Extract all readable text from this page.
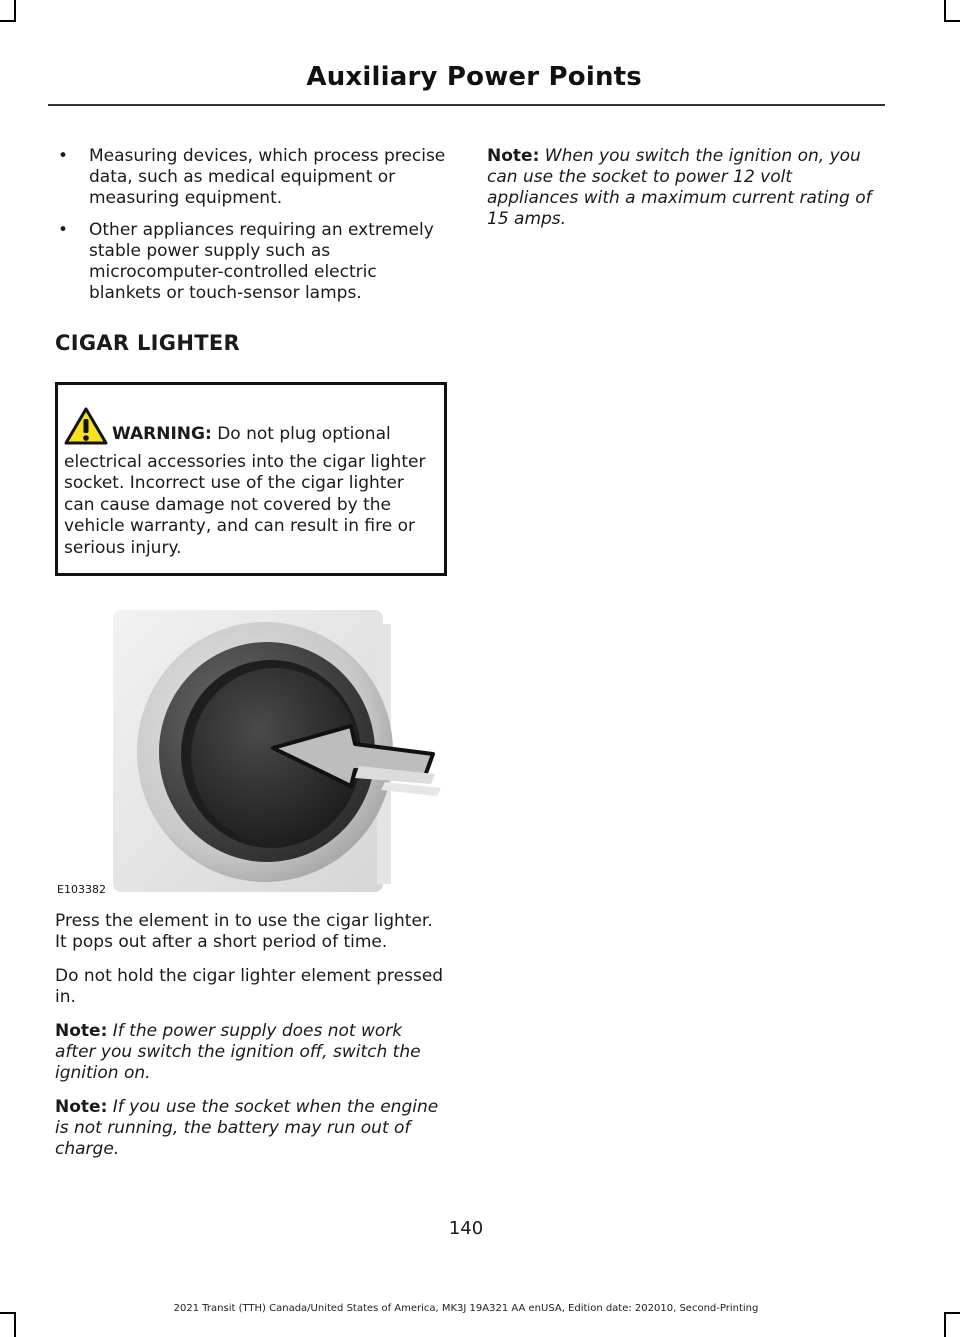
Auxiliary Power Points
• Measuring devices, which process precise data, such as medical equipment or measuring equipment.
• Other appliances requiring an extremely stable power supply such as microcomputer-controlled electric blankets or touch-sensor lamps.
CIGAR LIGHTER
WARNING: Do not plug optional electrical accessories into the cigar lighter socket. Incorrect use of the cigar lighter can cause damage not covered by the vehicle warranty, and can result in fire or serious injury.
E103382

Press the element in to use the cigar lighter. It pops out after a short period of time.

Do not hold the cigar lighter element pressed in.

Note: If the power supply does not work after you switch the ignition off, switch the ignition on.

Note: If you use the socket when the engine is not running, the battery may run out of charge.

Note: When you switch the ignition on, you can use the socket to power 12 volt appliances with a maximum current rating of 15 amps.

140
2021 Transit (TTH) Canada/United States of America, MK3J 19A321 AA enUSA, Edition date: 202010, Second-Printing
